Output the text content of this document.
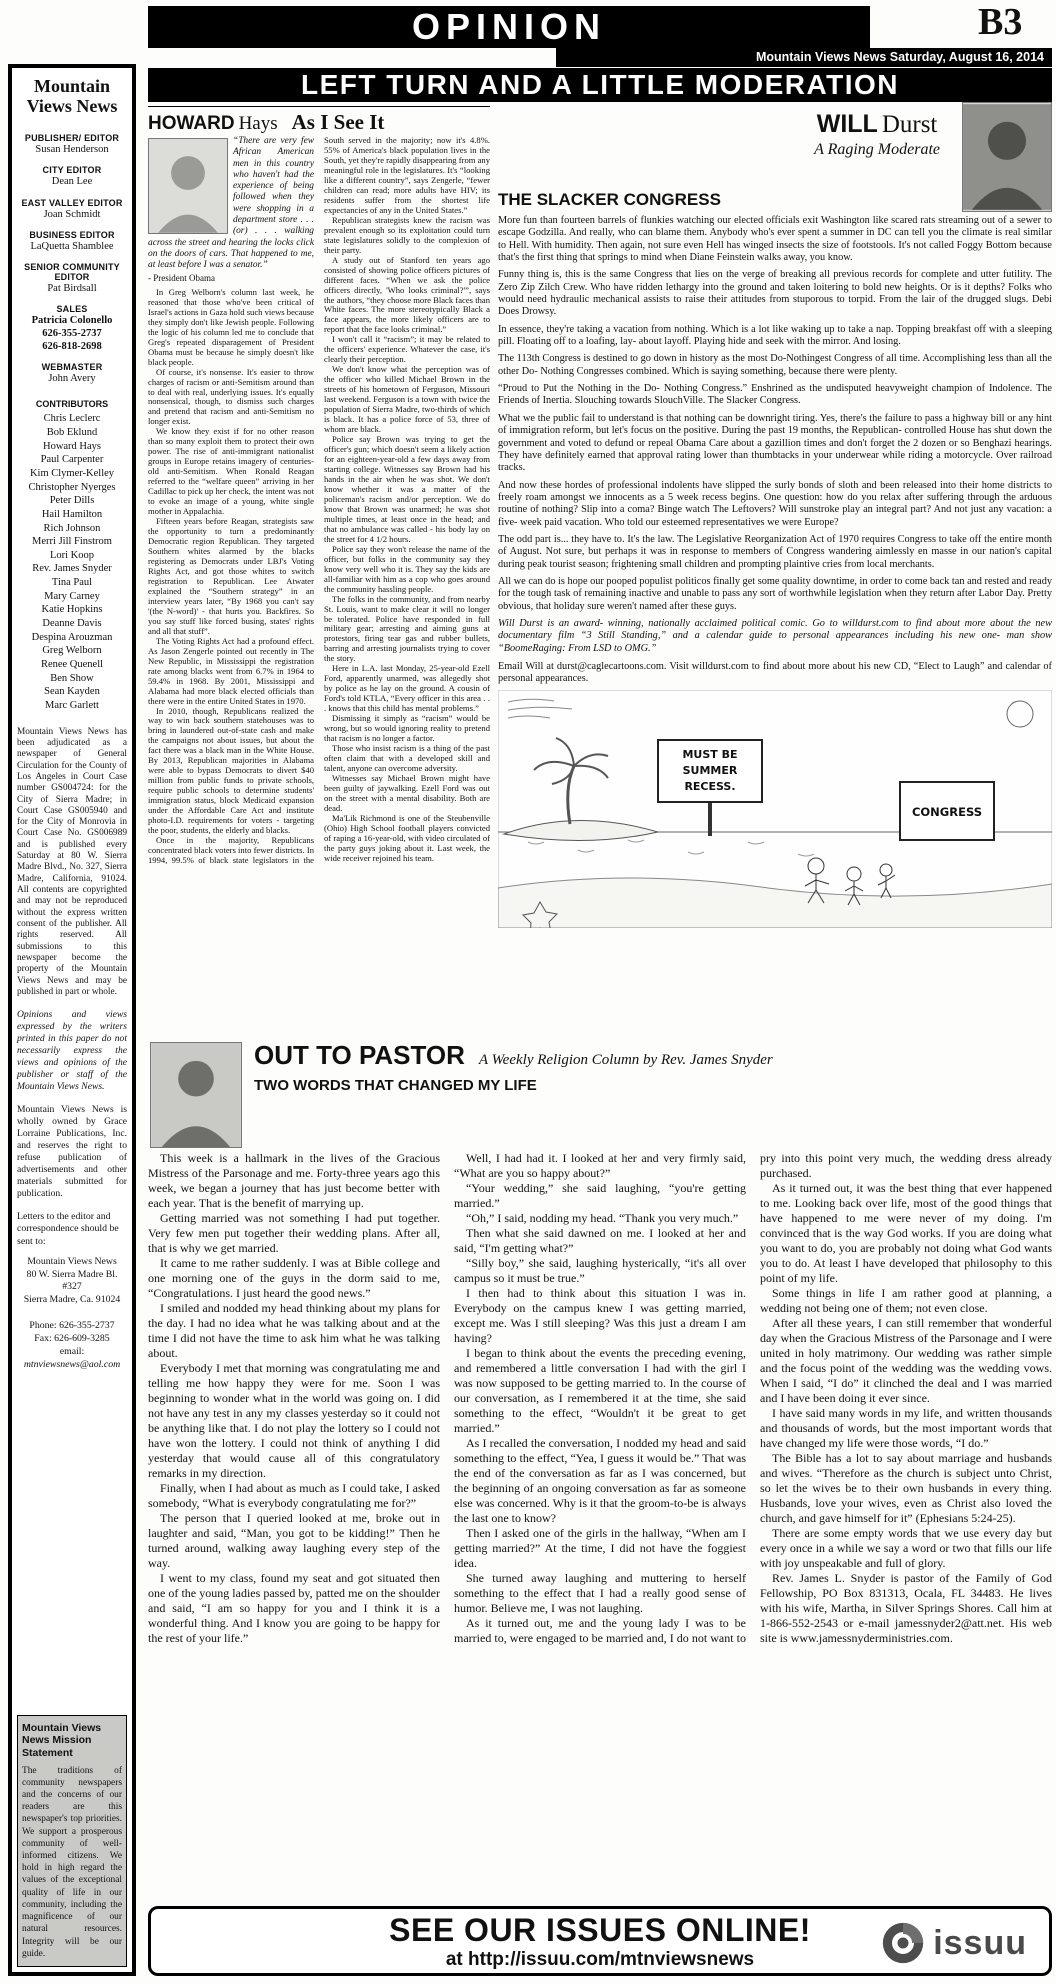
B3
OPINION
Mountain Views News Saturday, August 16, 2014
Mountain Views News
PUBLISHER/ EDITOR

Susan Henderson

CITY EDITOR

Dean Lee

EAST VALLEY EDITOR

Joan Schmidt

BUSINESS EDITOR

LaQuetta Shamblee

SENIOR COMMUNITY EDITOR

Pat Birdsall

SALES

Patricia Colonello

626-355-2737

626-818-2698

WEBMASTER

John Avery

CONTRIBUTORS

Chris Leclerc

Bob Eklund

Howard Hays

Paul Carpenter

Kim Clymer-Kelley

Christopher Nyerges

Peter Dills

Hail Hamilton

Rich Johnson

Merri Jill Finstrom

Lori Koop

Rev. James Snyder

Tina Paul

Mary Carney

Katie Hopkins

Deanne Davis

Despina Arouzman

Greg Welborn

Renee Quenell

Ben Show

Sean Kayden

Marc Garlett

Mountain Views News has been adjudicated as a newspaper of General Circulation for the County of Los Angeles in Court Case number GS004724: for the City of Sierra Madre; in Court Case GS005940 and for the City of Monrovia in Court Case No. GS006989 and is published every Saturday at 80 W. Sierra Madre Blvd., No. 327, Sierra Madre, California, 91024. All contents are copyrighted and may not be reproduced without the express written consent of the publisher. All rights reserved. All submissions to this newspaper become the property of the Mountain Views News and may be published in part or whole.
Opinions and views expressed by the writers printed in this paper do not necessarily express the views and opinions of the publisher or staff of the Mountain Views News.
Mountain Views News is wholly owned by Grace Lorraine Publications, Inc. and reserves the right to refuse publication of advertisements and other materials submitted for publication.
Letters to the editor and correspondence should be sent to:

Mountain Views News

80 W. Sierra Madre Bl. #327

Sierra Madre, Ca. 91024

Phone: 626-355-2737

Fax: 626-609-3285

email:

mtnviewsnews@aol.com

Mountain Views News Mission Statement
The traditions of community newspapers and the concerns of our readers are this newspaper's top priorities. We support a prosperous community of well-informed citizens. We hold in high regard the values of the exceptional quality of life in our community, including the magnificence of our natural resources. Integrity will be our guide.
LEFT TURN AND A LITTLE MODERATION
HOWARD Hays As I See It

“There are very few African American men in this country who haven't had the experience of being followed when they were shopping in a department store . . . (or) . . . walking across the street and hearing the locks click on the doors of cars. That happened to me, at least before I was a senator.”

- President Obama

In Greg Welborn's column last week, he reasoned that those who've been critical of Israel's actions in Gaza hold such views because they simply don't like Jewish people. Following the logic of his column led me to conclude that Greg's repeated disparagement of President Obama must be because he simply doesn't like black people.

Of course, it's nonsense. It's easier to throw charges of racism or anti-Semitism around than to deal with real, underlying issues. It's equally nonsensical, though, to dismiss such charges and pretend that racism and anti-Semitism no longer exist.

We know they exist if for no other reason than so many exploit them to protect their own power. The rise of anti-immigrant nationalist groups in Europe retains imagery of centuries-old anti-Semitism. When Ronald Reagan referred to the “welfare queen” arriving in her Cadillac to pick up her check, the intent was not to evoke an image of a young, white single mother in Appalachia.

Fifteen years before Reagan, strategists saw the opportunity to turn a predominantly Democratic region Republican. They targeted Southern whites alarmed by the blacks registering as Democrats under LBJ's Voting Rights Act, and got those whites to switch registration to Republican. Lee Atwater explained the “Southern strategy” in an interview years later, “By 1968 you can't say '(the N-word)' - that hurts you. Backfires. So you say stuff like forced busing, states' rights and all that stuff”.

The Voting Rights Act had a profound effect. As Jason Zengerle pointed out recently in The New Republic, in Mississippi the registration rate among blacks went from 6.7% in 1964 to 59.4% in 1968. By 2001, Mississippi and Alabama had more black elected officials than there were in the entire United States in 1970.

In 2010, though, Republicans realized the way to win back southern statehouses was to bring in laundered out-of-state cash and make the campaigns not about issues, but about the fact there was a black man in the White House. By 2013, Republican majorities in Alabama were able to bypass Democrats to divert $40 million from public funds to private schools, require public schools to determine students' immigration status, block Medicaid expansion under the Affordable Care Act and institute photo-I.D. requirements for voters - targeting the poor, students, the elderly and blacks.

Once in the majority, Republicans concentrated black voters into fewer districts. In 1994, 99.5% of black state legislators in the South served in the majority; now it's 4.8%. 55% of America's black population lives in the South, yet they're rapidly disappearing from any meaningful role in the legislatures. It's “looking like a different country”, says Zengerle, “fewer children can read; more adults have HIV; its residents suffer from the shortest life expectancies of any in the United States.”

Republican strategists knew the racism was prevalent enough so its exploitation could turn state legislatures solidly to the complexion of their party.

A study out of Stanford ten years ago consisted of showing police officers pictures of different faces. “When we ask the police officers directly, 'Who looks criminal?'”, says the authors, “they choose more Black faces than White faces. The more stereotypically Black a face appears, the more likely officers are to report that the face looks criminal.”

I won't call it “racism”; it may be related to the officers' experience. Whatever the case, it's clearly their perception.

We don't know what the perception was of the officer who killed Michael Brown in the streets of his hometown of Ferguson, Missouri last weekend. Ferguson is a town with twice the population of Sierra Madre, two-thirds of which is black. It has a police force of 53, three of whom are black.

Police say Brown was trying to get the officer's gun; which doesn't seem a likely action for an eighteen-year-old a few days away from starting college. Witnesses say Brown had his hands in the air when he was shot. We don't know whether it was a matter of the policeman's racism and/or perception. We do know that Brown was unarmed; he was shot multiple times, at least once in the head; and that no ambulance was called - his body lay on the street for 4 1/2 hours.

Police say they won't release the name of the officer, but folks in the community say they know very well who it is. They say the kids are all-familiar with him as a cop who goes around the community hassling people.

The folks in the community, and from nearby St. Louis, want to make clear it will no longer be tolerated. Police have responded in full military gear; arresting and aiming guns at protestors, firing tear gas and rubber bullets, barring and arresting journalists trying to cover the story.

Here in L.A. last Monday, 25-year-old Ezell Ford, apparently unarmed, was allegedly shot by police as he lay on the ground. A cousin of Ford's told KTLA, “Every officer in this area . . . knows that this child has mental problems.”

Dismissing it simply as “racism” would be wrong, but so would ignoring reality to pretend that racism is no longer a factor.

Those who insist racism is a thing of the past often claim that with a developed skill and talent, anyone can overcome adversity.

Witnesses say Michael Brown might have been guilty of jaywalking. Ezell Ford was out on the street with a mental disability. Both are dead.

Ma'Lik Richmond is one of the Steubenville (Ohio) High School football players convicted of raping a 16-year-old, with video circulated of the party guys joking about it. Last week, the wide receiver rejoined his team.

WILL Durst
A Raging Moderate
THE SLACKER CONGRESS

More fun than fourteen barrels of flunkies watching our elected officials exit Washington like scared rats streaming out of a sewer to escape Godzilla. And really, who can blame them. Anybody who's ever spent a summer in DC can tell you the climate is real similar to Hell. With humidity. Then again, not sure even Hell has winged insects the size of footstools. It's not called Foggy Bottom because that's the first thing that springs to mind when Diane Feinstein walks away, you know.

Funny thing is, this is the same Congress that lies on the verge of breaking all previous records for complete and utter futility. The Zero Zip Zilch Crew. Who have ridden lethargy into the ground and taken loitering to bold new heights. Or is it depths? Folks who would need hydraulic mechanical assists to raise their attitudes from stuporous to torpid. From the lair of the drugged slugs. Debi Does Drowsy.

In essence, they're taking a vacation from nothing. Which is a lot like waking up to take a nap. Topping breakfast off with a sleeping pill. Floating off to a loafing, lay- about layoff. Playing hide and seek with the mirror. And losing.

The 113th Congress is destined to go down in history as the most Do-Nothingest Congress of all time. Accomplishing less than all the other Do- Nothing Congresses combined. Which is saying something, because there were plenty.

“Proud to Put the Nothing in the Do- Nothing Congress.” Enshrined as the undisputed heavyweight champion of Indolence. The Friends of Inertia. Slouching towards SlouchVille. The Slacker Congress.

What we the public fail to understand is that nothing can be downright tiring. Yes, there's the failure to pass a highway bill or any hint of immigration reform, but let's focus on the positive. During the past 19 months, the Republican- controlled House has shut down the government and voted to defund or repeal Obama Care about a gazillion times and don't forget the 2 dozen or so Benghazi hearings. They have definitely earned that approval rating lower than thumbtacks in your underwear while riding a motorcycle. Over railroad tracks.

And now these hordes of professional indolents have slipped the surly bonds of sloth and been released into their home districts to freely roam amongst we innocents as a 5 week recess begins. One question: how do you relax after suffering through the arduous routine of nothing? Slip into a coma? Binge watch The Leftovers? Will sunstroke play an integral part? And not just any vacation: a five- week paid vacation. Who told our esteemed representatives we were Europe?

The odd part is... they have to. It's the law. The Legislative Reorganization Act of 1970 requires Congress to take off the entire month of August. Not sure, but perhaps it was in response to members of Congress wandering aimlessly en masse in our nation's capital during peak tourist season; frightening small children and prompting plaintive cries from local merchants.

All we can do is hope our pooped populist politicos finally get some quality downtime, in order to come back tan and rested and ready for the tough task of remaining inactive and unable to pass any sort of worthwhile legislation when they return after Labor Day. Pretty obvious, that holiday sure weren't named after these guys.

Will Durst is an award- winning, nationally acclaimed political comic. Go to willdurst.com to find about more about the new documentary film “3 Still Standing,” and a calendar guide to personal appearances including his new one- man show “BoomeRaging: From LSD to OMG.”

Email Will at durst@caglecartoons.com. Visit willdurst.com to find about more about his new CD, “Elect to Laugh” and calendar of personal appearances.

MUST BE
SUMMER
RECESS.
CONGRESS
OUT TO PASTOR A Weekly Religion Column by Rev. James Snyder
TWO WORDS THAT CHANGED MY LIFE

This week is a hallmark in the lives of the Gracious Mistress of the Parsonage and me. Forty-three years ago this week, we began a journey that has just become better with each year. That is the benefit of marrying up.

Getting married was not something I had put together. Very few men put together their wedding plans. After all, that is why we get married.

It came to me rather suddenly. I was at Bible college and one morning one of the guys in the dorm said to me, “Congratulations. I just heard the good news.”

I smiled and nodded my head thinking about my plans for the day. I had no idea what he was talking about and at the time I did not have the time to ask him what he was talking about.

Everybody I met that morning was congratulating me and telling me how happy they were for me. Soon I was beginning to wonder what in the world was going on. I did not have any test in any my classes yesterday so it could not be anything like that. I do not play the lottery so I could not have won the lottery. I could not think of anything I did yesterday that would cause all of this congratulatory remarks in my direction.

Finally, when I had about as much as I could take, I asked somebody, “What is everybody congratulating me for?”

The person that I queried looked at me, broke out in laughter and said, “Man, you got to be kidding!” Then he turned around, walking away laughing every step of the way.

I went to my class, found my seat and got situated then one of the young ladies passed by, patted me on the shoulder and said, “I am so happy for you and I think it is a wonderful thing. And I know you are going to be happy for the rest of your life.”

Well, I had had it. I looked at her and very firmly said, “What are you so happy about?”

“Your wedding,” she said laughing, “you're getting married.”

“Oh,” I said, nodding my head. “Thank you very much.”

Then what she said dawned on me. I looked at her and said, “I'm getting what?”

“Silly boy,” she said, laughing hysterically, “it's all over campus so it must be true.”

I then had to think about this situation I was in. Everybody on the campus knew I was getting married, except me. Was I still sleeping? Was this just a dream I am having?

I began to think about the events the preceding evening, and remembered a little conversation I had with the girl I was now supposed to be getting married to. In the course of our conversation, as I remembered it at the time, she said something to the effect, “Wouldn't it be great to get married.”

As I recalled the conversation, I nodded my head and said something to the effect, “Yea, I guess it would be.” That was the end of the conversation as far as I was concerned, but the beginning of an ongoing conversation as far as someone else was concerned. Why is it that the groom-to-be is always the last one to know?

Then I asked one of the girls in the hallway, “When am I getting married?” At the time, I did not have the foggiest idea.

She turned away laughing and muttering to herself something to the effect that I had a really good sense of humor. Believe me, I was not laughing.

As it turned out, me and the young lady I was to be married to, were engaged to be married and, I do not want to pry into this point very much, the wedding dress already purchased.

As it turned out, it was the best thing that ever happened to me. Looking back over life, most of the good things that have happened to me were never of my doing. I'm convinced that is the way God works. If you are doing what you want to do, you are probably not doing what God wants you to do. At least I have developed that philosophy to this point of my life.

Some things in life I am rather good at planning, a wedding not being one of them; not even close.

After all these years, I can still remember that wonderful day when the Gracious Mistress of the Parsonage and I were united in holy matrimony. Our wedding was rather simple and the focus point of the wedding was the wedding vows. When I said, “I do” it clinched the deal and I was married and I have been doing it ever since.

I have said many words in my life, and written thousands and thousands of words, but the most important words that have changed my life were those words, “I do.”

The Bible has a lot to say about marriage and husbands and wives. “Therefore as the church is subject unto Christ, so let the wives be to their own husbands in every thing. Husbands, love your wives, even as Christ also loved the church, and gave himself for it” (Ephesians 5:24-25).

There are some empty words that we use every day but every once in a while we say a word or two that fills our life with joy unspeakable and full of glory.

Rev. James L. Snyder is pastor of the Family of God Fellowship, PO Box 831313, Ocala, FL 34483. He lives with his wife, Martha, in Silver Springs Shores. Call him at 1-866-552-2543 or e-mail jamessnyder2@att.net. His web site is www.jamessnyderministries.com.

SEE OUR ISSUES ONLINE!
at http://issuu.com/mtnviewsnews	issuu
